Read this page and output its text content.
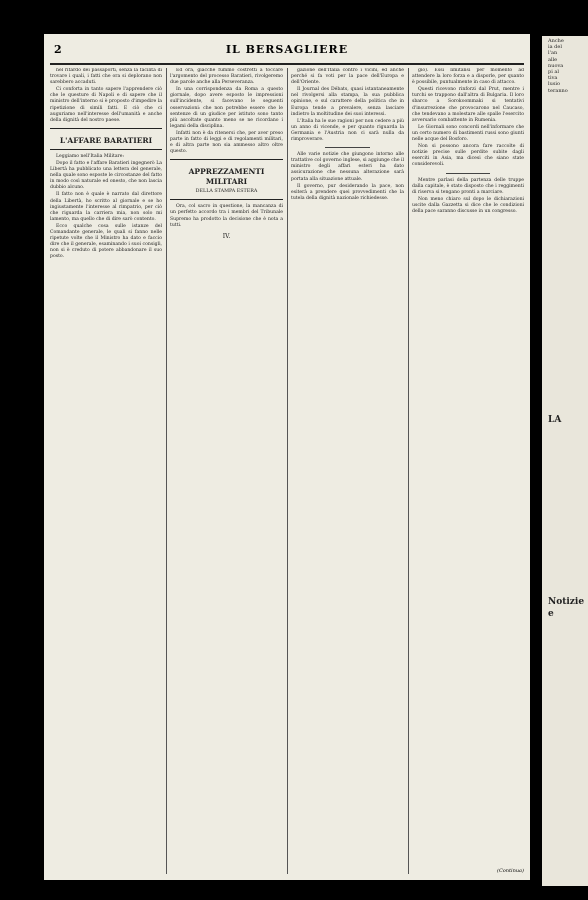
2	IL BERSAGLIERE

nel ritardo dei passaporti, senza la facilità di trovare i quali, i fatti che ora si deplorano non sarebbero accaduti.

Ci conforta in tanto sapere l'apprendere ciò che le questure di Napoli e di sapere che il ministro dell'interno si è proposto d'impedire la ripetizione di simili fatti. E ciò che ci auguriamo nell'interesse dell'umanità e anche della dignità del nostro paese.

L'AFFARE BARATIERI

Leggiamo nell'Italia Militare:

Dopo il fatto e l'affare Baratieri ingegnerò La Libertà ha pubblicato una lettera del generale, nella quale sono esposte le circostanze del fatto in modo così naturale ed onesto, che non lascia dubbio alcuno.

Il fatto non è quale è narrato dal direttore della Libertà, ho scritto al giornale e se ho ingiustamente l'interesse al rimpatrio, per ciò che riguarda la carriera mia, non solo mi lamento, ma quello che di dire sarò contento.

Ecco qualche cosa sulle istanze del Comandante generale, le quali si fanno nelle ripetute volte che il Ministro ha dato e faccio dire che il generale, esaminando i suoi consigli, non si è creduto di potere abbandonare il suo posto.

Ed ora, giacché fummo costretti a toccare l'argomento del processo Baratieri, rivolgeremo due parole anche alla Perseveranza.

In una corrispondenza da Roma a questo giornale, dopo avere esposto le impressioni sull'incidente, si facevano le seguenti osservazioni: che non potrebbe essere che le sentenze di un giudice per istituto sono tanto più ascoltate quanto meno se ne ricordano i legami della disciplina.

Infatti non è da ritenersi che, per aver preso parte in fatto di leggi e di regolamenti militari, e di altra parte non sia ammesso altro oltre questo.

APPREZZAMENTI MILITARI
DELLA STAMPA ESTERA

Ora, col sacro in questione, la mancanza di un perfetto accordo tra i membri del Tribunale Supremo ha prodotto la decisione che è nota a tutti.

IV.

gazione dell'Italia contro i vicini, ed anche perché si fa voti per la pace dell'Europa e dell'Oriente.

Il Journal des Débats, quasi istantaneamente nel rivolgersi alla stampa, la sua pubblica opinione, e sul carattere della politica che in Europa tende a prevalere, senza lasciare indietro la moltitudine dei suoi interessi.

L'Italia ha le sue ragioni per non cedere a più un anno di vicende, e per quanto riguarda la Germania e l'Austria non ci sarà nulla da rimproverare.

Alle varie notizie che giungono intorno alle trattative col governo inglese, si aggiunge che il ministro degli affari esteri ha dato assicurazione che nessuna alterazione sarà portata alla situazione attuale.

Il governo, pur desiderando la pace, non esiterà a prendere quei provvedimenti che la tutela della dignità nazionale richiedesse.

gio). Essi limitansi per momento ad attendere la loro forza e a disporle, per quanto è possibile, puntualmente in caso di attacco.

Questi ricevono rinforzi dal Prut, mentre i turchi se trappono dall'altra di Bulgaria. Il loro sbarco a Sorokoommaki si tentativi d'insurrezione che provocarono nel Caucaso, che tendevano a molestare alle spalle l'esercito avversario combattente in Rumenia.

Le Giornali sono concordi nell'informare che un certo numero di bastimenti russi sono giunti nelle acque del Bosforo.

Non si possono ancora fare raccolte di notizie precise sulle perdite subite dagli eserciti in Asia, ma dicesi che siano state considerevoli.

Mentre parlasi della partenza delle truppe dalla capitale, è stato disposto che i reggimenti di riserva si tengano pronti a marciare.

Non meno chiaro sul dopo le dichiarazioni uscite dalla Gazzetta si dice che le condizioni della pace saranno discusse in un congresso.

(Continua)
Anche
ia del
l'an
alle
nuova
pi al
tiva
lusio
teranno
LA
Notizie e
